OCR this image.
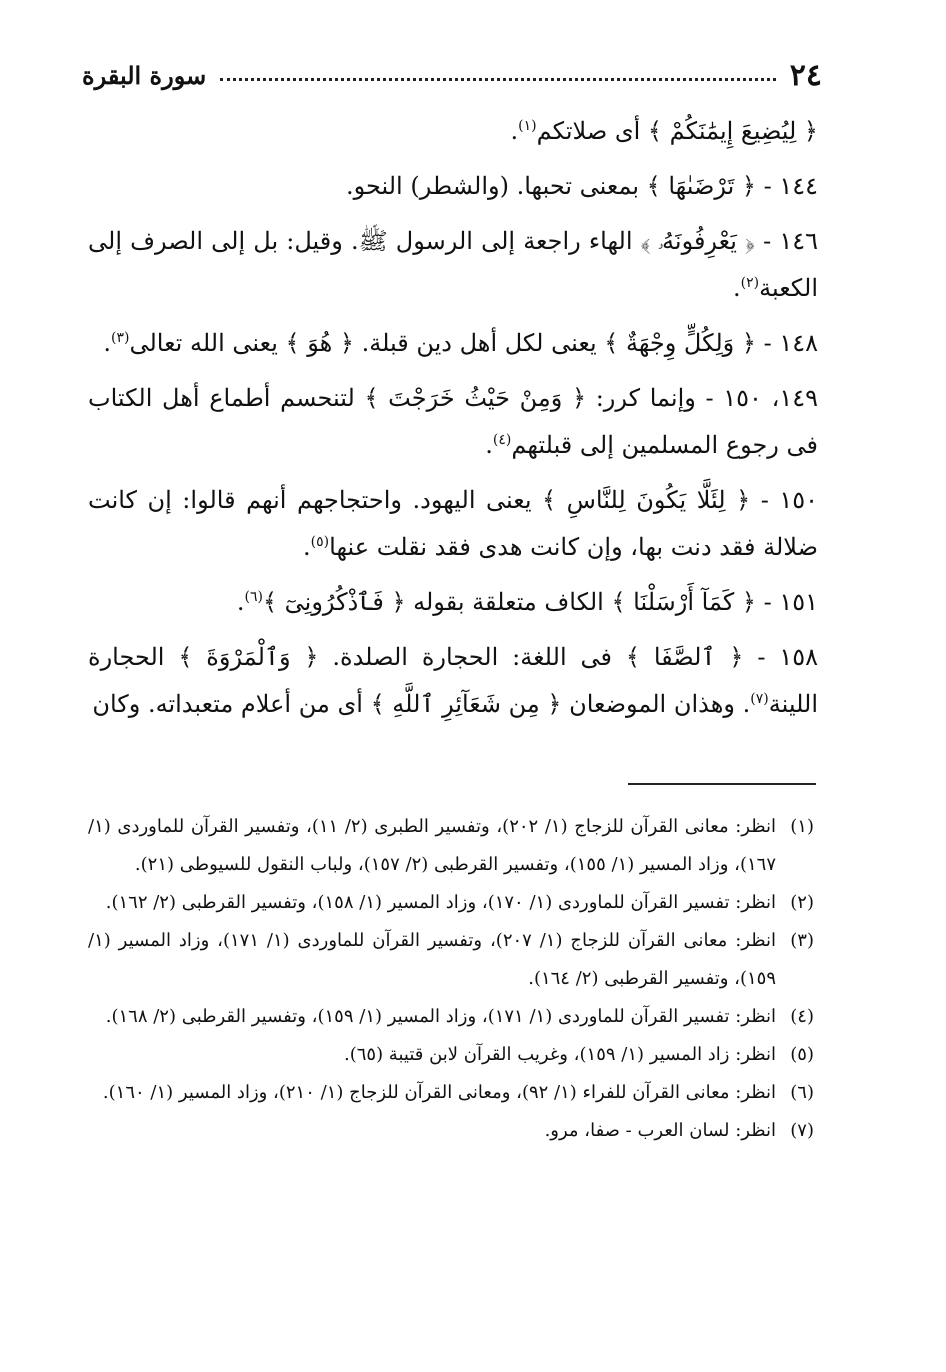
٢٤
سورة البقرة

﴿ لِيُضِيعَ إِيمَٰنَكُمْ ﴾ أى صلاتكم$^{(١)}$.

١٤٤ - ﴿ تَرْضَىٰهَا ﴾ بمعنى تحبها. (والشطر) النحو.

١٤٦ - ﴿ يَعْرِفُونَهُۥ ﴾ الهاء راجعة إلى الرسول ﷺ. وقيل: بل إلى الصرف إلى الكعبة$^{(٢)}$.

١٤٨ - ﴿ وَلِكُلٍّ وِجْهَةٌ ﴾ يعنى لكل أهل دين قبلة. ﴿ هُوَ ﴾ يعنى الله تعالى$^{(٣)}$.

١٤٩، ١٥٠ - وإنما كرر: ﴿ وَمِنْ حَيْثُ خَرَجْتَ ﴾ لتنحسم أطماع أهل الكتاب فى رجوع المسلمين إلى قبلتهم$^{(٤)}$.

١٥٠ - ﴿ لِئَلَّا يَكُونَ لِلنَّاسِ ﴾ يعنى اليهود. واحتجاجهم أنهم قالوا: إن كانت ضلالة فقد دنت بها، وإن كانت هدى فقد نقلت عنها$^{(٥)}$.

١٥١ - ﴿ كَمَآ أَرْسَلْنَا ﴾ الكاف متعلقة بقوله ﴿ فَٱذْكُرُونِىٓ ﴾$^{(٦)}$.

١٥٨ - ﴿ ٱلصَّفَا ﴾ فى اللغة: الحجارة الصلدة. ﴿ وَٱلْمَرْوَةَ ﴾ الحجارة اللينة$^{(٧)}$. وهذان الموضعان ﴿ مِن شَعَآئِرِ ٱللَّهِ ﴾ أى من أعلام متعبداته. وكان

(١)
انظر: معانى القرآن للزجاج (١/ ٢٠٢)، وتفسير الطبرى (٢/ ١١)، وتفسير القرآن للماوردى (١/ ١٦٧)، وزاد المسير (١/ ١٥٥)، وتفسير القرطبى (٢/ ١٥٧)، ولباب النقول للسيوطى (٢١).
(٢)
انظر: تفسير القرآن للماوردى (١/ ١٧٠)، وزاد المسير (١/ ١٥٨)، وتفسير القرطبى (٢/ ١٦٢).
(٣)
انظر: معانى القرآن للزجاج (١/ ٢٠٧)، وتفسير القرآن للماوردى (١/ ١٧١)، وزاد المسير (١/ ١٥٩)، وتفسير القرطبى (٢/ ١٦٤).
(٤)
انظر: تفسير القرآن للماوردى (١/ ١٧١)، وزاد المسير (١/ ١٥٩)، وتفسير القرطبى (٢/ ١٦٨).
(٥)
انظر: زاد المسير (١/ ١٥٩)، وغريب القرآن لابن قتيبة (٦٥).
(٦)
انظر: معانى القرآن للفراء (١/ ٩٢)، ومعانى القرآن للزجاج (١/ ٢١٠)، وزاد المسير (١/ ١٦٠).
(٧)
انظر: لسان العرب - صفا، مرو.
